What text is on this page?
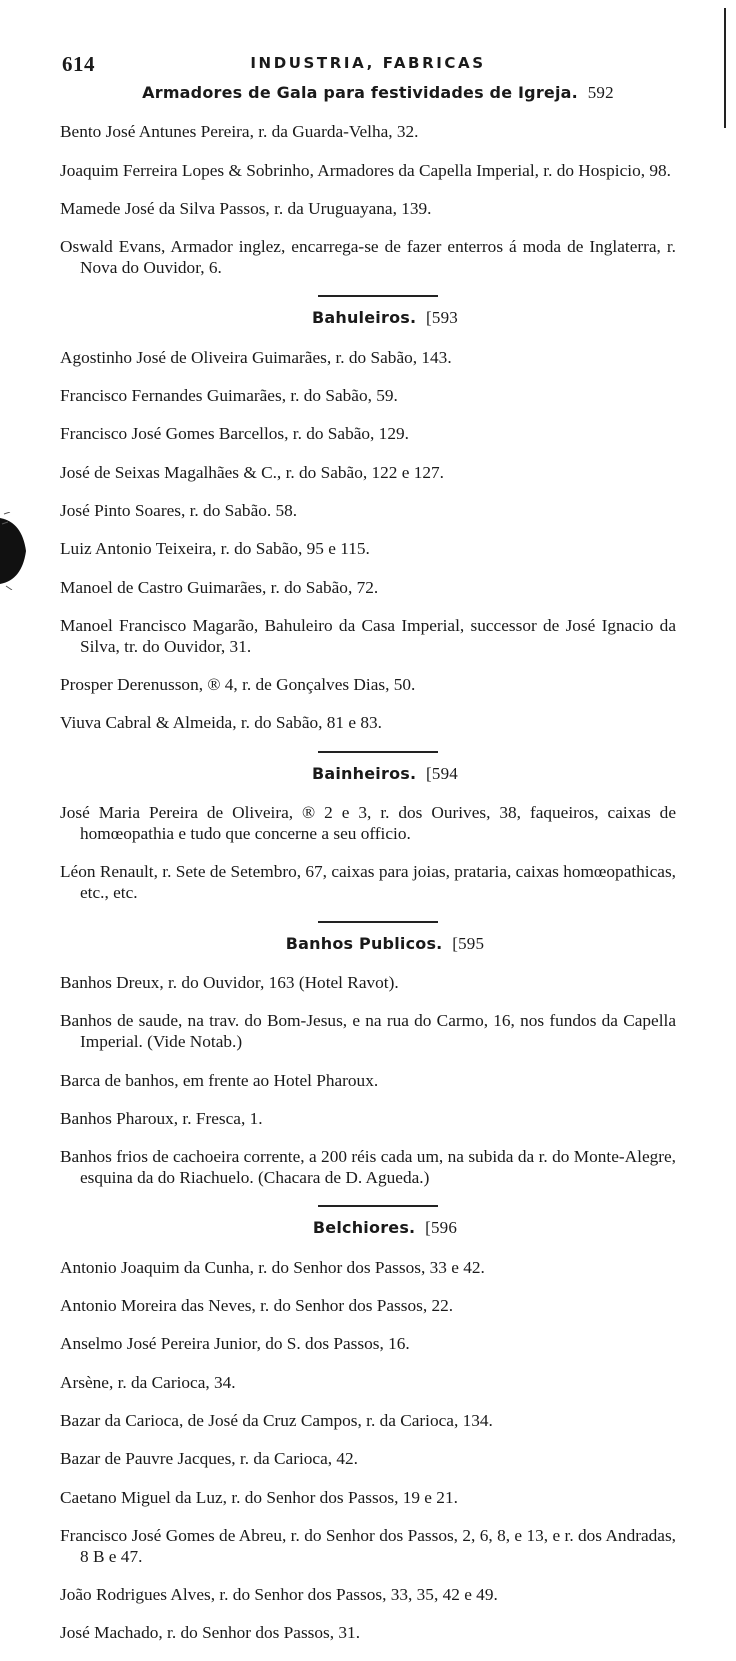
614	INDUSTRIA, FABRICAS
Armadores de Gala para festividades de Igreja. 592

Bento José Antunes Pereira, r. da Guarda-Velha, 32.

Joaquim Ferreira Lopes & Sobrinho, Armadores da Capella Imperial, r. do Hospicio, 98.

Mamede José da Silva Passos, r. da Uruguayana, 139.

Oswald Evans, Armador inglez, encarrega-se de fazer enterros á moda de Inglaterra, r. Nova do Ouvidor, 6.

Bahuleiros. [593

Agostinho José de Oliveira Guimarães, r. do Sabão, 143.

Francisco Fernandes Guimarães, r. do Sabão, 59.

Francisco José Gomes Barcellos, r. do Sabão, 129.

José de Seixas Magalhães & C., r. do Sabão, 122 e 127.

José Pinto Soares, r. do Sabão. 58.

Luiz Antonio Teixeira, r. do Sabão, 95 e 115.

Manoel de Castro Guimarães, r. do Sabão, 72.

Manoel Francisco Magarão, Bahuleiro da Casa Imperial, successor de José Ignacio da Silva, tr. do Ouvidor, 31.

Prosper Derenusson, ® 4, r. de Gonçalves Dias, 50.

Viuva Cabral & Almeida, r. do Sabão, 81 e 83.

Bainheiros. [594

José Maria Pereira de Oliveira, ® 2 e 3, r. dos Ourives, 38, faqueiros, caixas de homœopathia e tudo que concerne a seu officio.

Léon Renault, r. Sete de Setembro, 67, caixas para joias, prataria, caixas homœopathicas, etc., etc.

Banhos Publicos. [595

Banhos Dreux, r. do Ouvidor, 163 (Hotel Ravot).

Banhos de saude, na trav. do Bom-Jesus, e na rua do Carmo, 16, nos fundos da Capella Imperial. (Vide Notab.)

Barca de banhos, em frente ao Hotel Pharoux.

Banhos Pharoux, r. Fresca, 1.

Banhos frios de cachoeira corrente, a 200 réis cada um, na subida da r. do Monte-Alegre, esquina da do Riachuelo. (Chacara de D. Agueda.)

Belchiores. [596

Antonio Joaquim da Cunha, r. do Senhor dos Passos, 33 e 42.

Antonio Moreira das Neves, r. do Senhor dos Passos, 22.

Anselmo José Pereira Junior, do S. dos Passos, 16.

Arsène, r. da Carioca, 34.

Bazar da Carioca, de José da Cruz Campos, r. da Carioca, 134.

Bazar de Pauvre Jacques, r. da Carioca, 42.

Caetano Miguel da Luz, r. do Senhor dos Passos, 19 e 21.

Francisco José Gomes de Abreu, r. do Senhor dos Passos, 2, 6, 8, e 13, e r. dos Andradas, 8 B e 47.

João Rodrigues Alves, r. do Senhor dos Passos, 33, 35, 42 e 49.

José Machado, r. do Senhor dos Passos, 31.
